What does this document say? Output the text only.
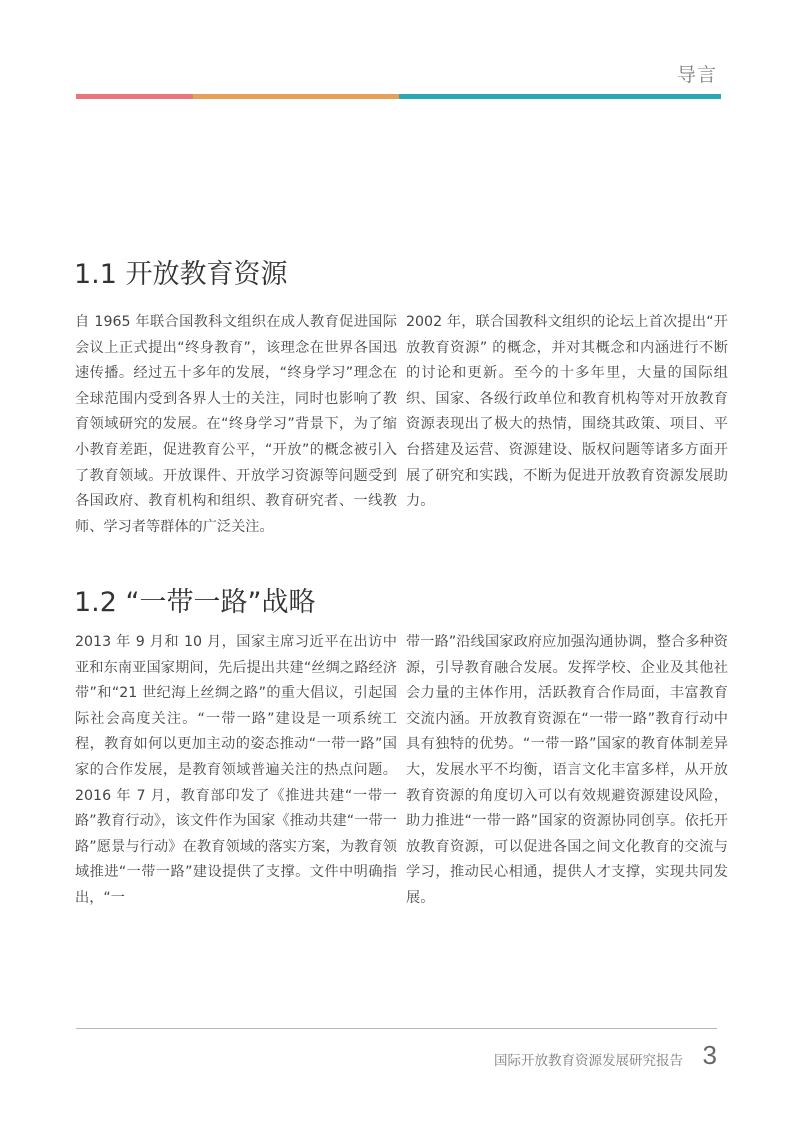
导言
1.1 开放教育资源

自 1965 年联合国教科文组织在成人教育促进国际会议上正式提出“终身教育”，该理念在世界各国迅速传播。经过五十多年的发展，“终身学习”理念在全球范围内受到各界人士的关注，同时也影响了教育领域研究的发展。在“终身学习”背景下，为了缩小教育差距，促进教育公平，“开放”的概念被引入了教育领域。开放课件、开放学习资源等问题受到各国政府、教育机构和组织、教育研究者、一线教师、学习者等群体的广泛关注。

2002 年，联合国教科文组织的论坛上首次提出“开放教育资源” 的概念，并对其概念和内涵进行不断的讨论和更新。至今的十多年里，大量的国际组织、国家、各级行政单位和教育机构等对开放教育资源表现出了极大的热情，围绕其政策、项目、平台搭建及运营、资源建设、版权问题等诸多方面开展了研究和实践，不断为促进开放教育资源发展助力。

1.2 “一带一路”战略

2013 年 9 月和 10 月，国家主席习近平在出访中亚和东南亚国家期间，先后提出共建“丝绸之路经济带”和“21 世纪海上丝绸之路”的重大倡议，引起国际社会高度关注。“一带一路”建设是一项系统工程，教育如何以更加主动的姿态推动“一带一路”国家的合作发展，是教育领域普遍关注的热点问题。2016 年 7 月，教育部印发了《推进共建“一带一路”教育行动》，该文件作为国家《推动共建“一带一路”愿景与行动》在教育领域的落实方案，为教育领域推进“一带一路”建设提供了支撑。文件中明确指出，“一

带一路”沿线国家政府应加强沟通协调，整合多种资源，引导教育融合发展。发挥学校、企业及其他社会力量的主体作用，活跃教育合作局面，丰富教育交流内涵。开放教育资源在“一带一路”教育行动中具有独特的优势。“一带一路”国家的教育体制差异大，发展水平不均衡，语言文化丰富多样，从开放教育资源的角度切入可以有效规避资源建设风险，助力推进“一带一路”国家的资源协同创享。依托开放教育资源，可以促进各国之间文化教育的交流与学习，推动民心相通，提供人才支撑，实现共同发展。

国际开放教育资源发展研究报告 3
